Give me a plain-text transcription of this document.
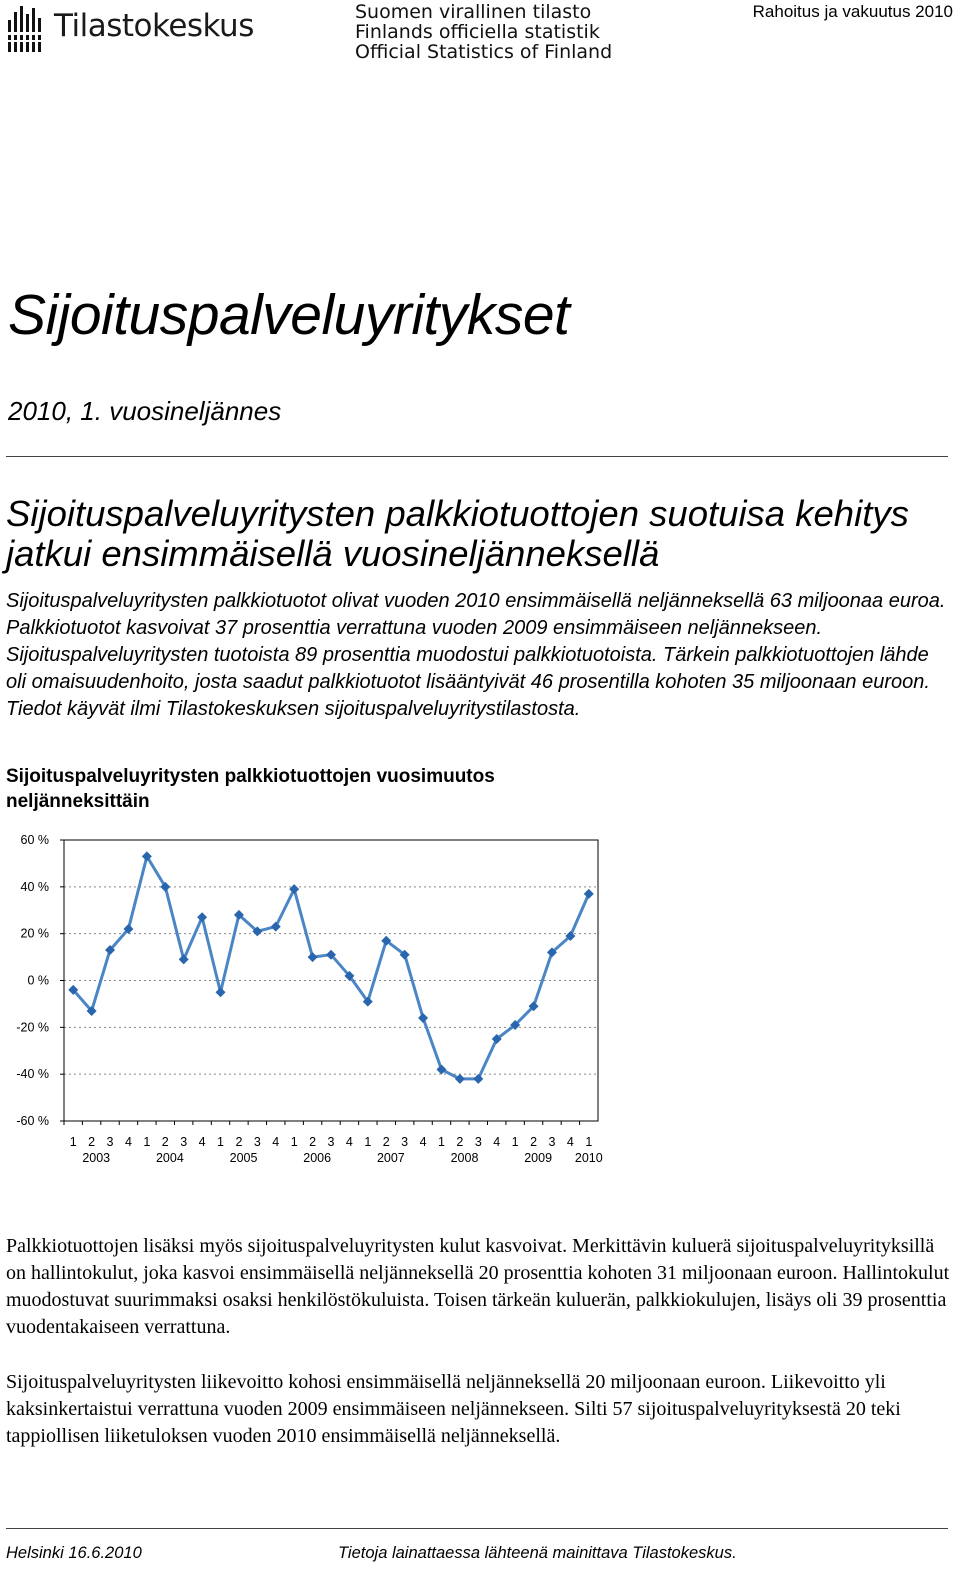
Tilastokeskus	Suomen virallinen tilasto
Finlands officiella statistik
Official Statistics of Finland
Rahoitus ja vakuutus 2010
Sijoituspalveluyritykset
2010, 1. vuosineljännes
Sijoituspalveluyritysten palkkiotuottojen suotuisa kehitys jatkui ensimmäisellä vuosineljänneksellä
Sijoituspalveluyritysten palkkiotuotot olivat vuoden 2010 ensimmäisellä neljänneksellä 63 miljoonaa euroa. Palkkiotuotot kasvoivat 37 prosenttia verrattuna vuoden 2009 ensimmäiseen neljännekseen. Sijoituspalveluyritysten tuotoista 89 prosenttia muodostui palkkiotuotoista. Tärkein palkkiotuottojen lähde oli omaisuudenhoito, josta saadut palkkiotuotot lisääntyivät 46 prosentilla kohoten 35 miljoonaan euroon. Tiedot käyvät ilmi Tilastokeskuksen sijoituspalveluyritystilastosta.
Sijoituspalveluyritysten palkkiotuottojen vuosimuutos neljänneksittäin
60 %
40 %
20 %
0 %
-20 %
-40 %
-60 %
1 2 3 4 1 2 3 4 1 2 3 4 1 2 3 4 1 2 3 4 1 2 3 4 1 2 3 4 1
2003	2004	2005	2006	2007	2008	2009 2010
Palkkiotuottojen lisäksi myös sijoituspalveluyritysten kulut kasvoivat. Merkittävin kuluerä sijoituspalveluyrityksillä on hallintokulut, joka kasvoi ensimmäisellä neljänneksellä 20 prosenttia kohoten 31 miljoonaan euroon. Hallintokulut muodostuvat suurimmaksi osaksi henkilöstökuluista. Toisen tärkeän kuluerän, palkkiokulujen, lisäys oli 39 prosenttia vuodentakaiseen verrattuna.
Sijoituspalveluyritysten liikevoitto kohosi ensimmäisellä neljänneksellä 20 miljoonaan euroon. Liikevoitto yli kaksinkertaistui verrattuna vuoden 2009 ensimmäiseen neljännekseen. Silti 57 sijoituspalveluyrityksestä 20 teki tappiollisen liiketuloksen vuoden 2010 ensimmäisellä neljänneksellä.
Helsinki 16.6.2010	Tietoja lainattaessa lähteenä mainittava Tilastokeskus.
